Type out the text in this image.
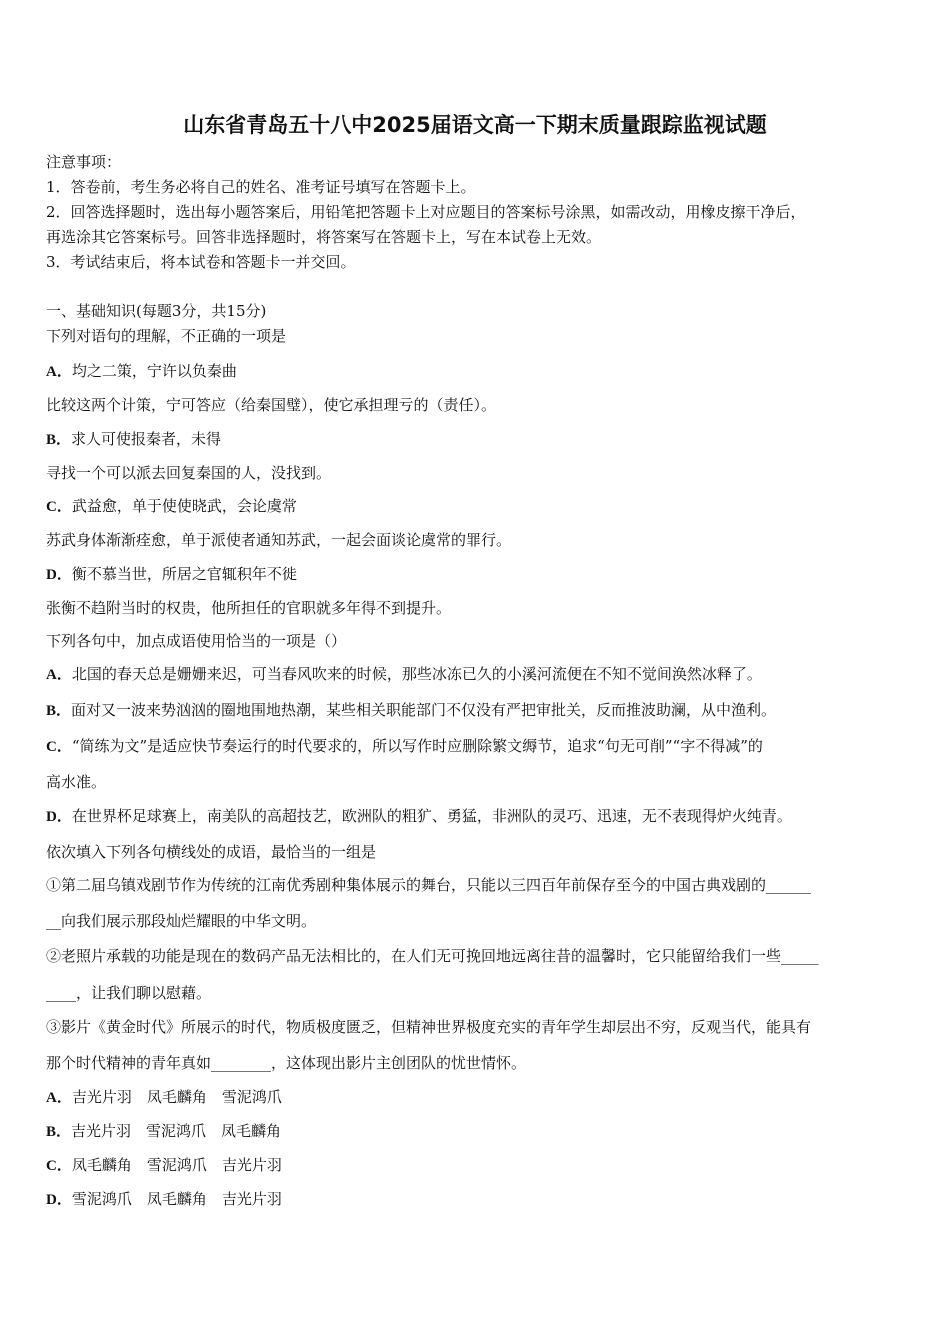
山东省青岛五十八中2025届语文高一下期末质量跟踪监视试题
注意事项：
1．答卷前，考生务必将自己的姓名、准考证号填写在答题卡上。
2．回答选择题时，选出每小题答案后，用铅笔把答题卡上对应题目的答案标号涂黑，如需改动，用橡皮擦干净后，
再选涂其它答案标号。回答非选择题时，将答案写在答题卡上，写在本试卷上无效。
3．考试结束后，将本试卷和答题卡一并交回。
一、基础知识(每题3分，共15分)
下列对语句的理解，不正确的一项是
A．均之二策，宁许以负秦曲
比较这两个计策，宁可答应（给秦国璧），使它承担理亏的（责任）。
B．求人可使报秦者，未得
寻找一个可以派去回复秦国的人，没找到。
C．武益愈，单于使使晓武，会论虞常
苏武身体渐渐痊愈，单于派使者通知苏武，一起会面谈论虞常的罪行。
D．衡不慕当世，所居之官辄积年不徙
张衡不趋附当时的权贵，他所担任的官职就多年得不到提升。
下列各句中，加点成语使用恰当的一项是（）
A．北国的春天总是姗姗来迟，可当春风吹来的时候，那些冰冻已久的小溪河流便在不知不觉间涣然冰释了。
B．面对又一波来势汹汹的圈地围地热潮，某些相关职能部门不仅没有严把审批关，反而推波助澜，从中渔利。
C．“简练为文”是适应快节奏运行的时代要求的，所以写作时应删除繁文缛节，追求“句无可削”“字不得减”的
高水准。
D．在世界杯足球赛上，南美队的高超技艺，欧洲队的粗犷、勇猛，非洲队的灵巧、迅速，无不表现得炉火纯青。
依次填入下列各句横线处的成语，最恰当的一组是
①第二届乌镇戏剧节作为传统的江南优秀剧种集体展示的舞台，只能以三四百年前保存至今的中国古典戏剧的______
__向我们展示那段灿烂耀眼的中华文明。
②老照片承载的功能是现在的数码产品无法相比的，在人们无可挽回地远离往昔的温馨时，它只能留给我们一些_____
____，让我们聊以慰藉。
③影片《黄金时代》所展示的时代，物质极度匮乏，但精神世界极度充实的青年学生却层出不穷，反观当代，能具有
那个时代精神的青年真如________，这体现出影片主创团队的忧世情怀。
A．吉光片羽　凤毛麟角　雪泥鸿爪
B．吉光片羽　雪泥鸿爪　凤毛麟角
C．凤毛麟角　雪泥鸿爪　吉光片羽
D．雪泥鸿爪　凤毛麟角　吉光片羽
